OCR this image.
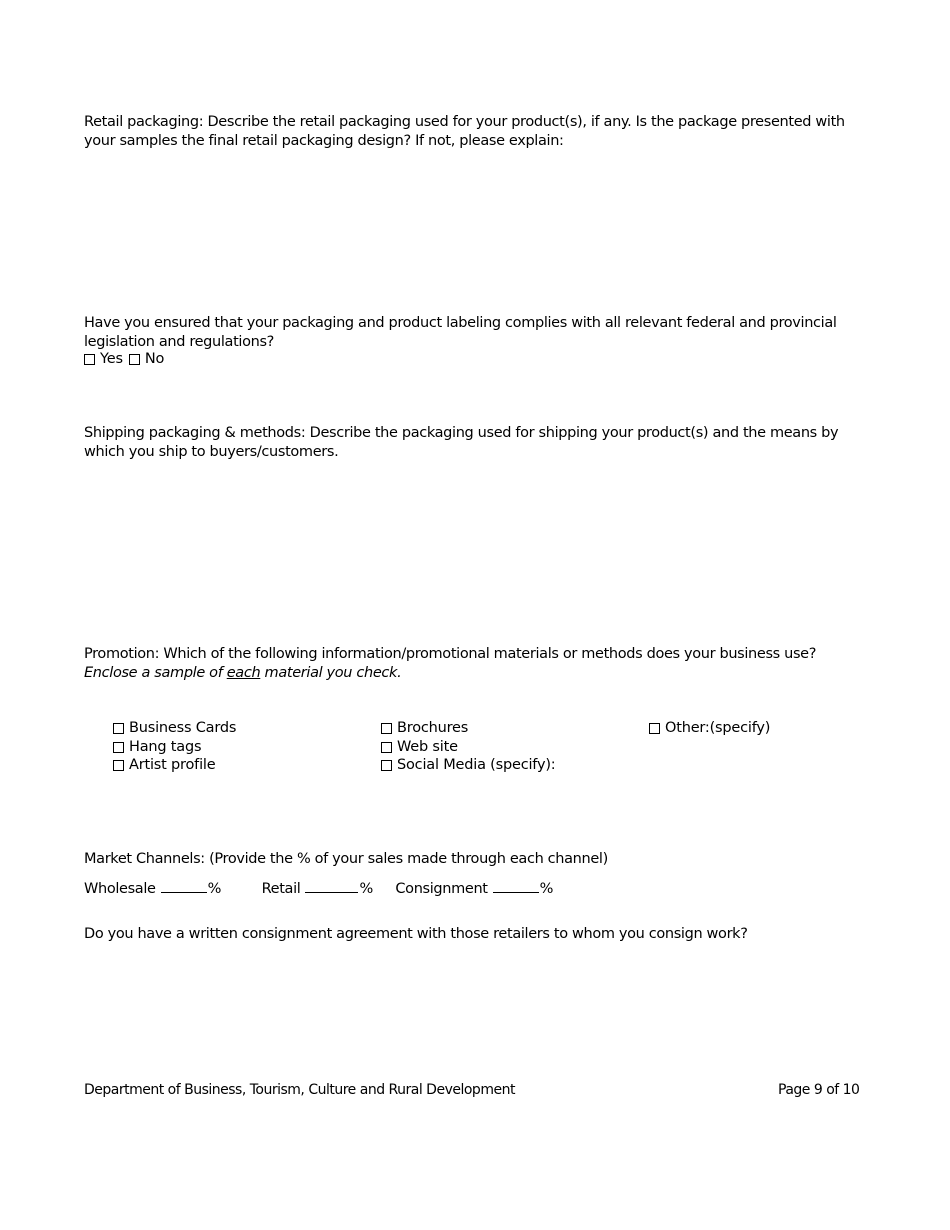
Retail packaging: Describe the retail packaging used for your product(s), if any. Is the package presented with your samples the final retail packaging design? If not, please explain:
Have you ensured that your packaging and product labeling complies with all relevant federal and provincial legislation and regulations?
Yes No
Shipping packaging & methods: Describe the packaging used for shipping your product(s) and the means by which you ship to buyers/customers.
Promotion: Which of the following information/promotional materials or methods does your business use?
Enclose a sample of each material you check.
Business Cards
Hang tags
Artist profile
Brochures
Web site
Social Media (specify):
Other:(specify)
Market Channels: (Provide the % of your sales made through each channel)
Wholesale	%	Retail	% Consignment	%
Do you have a written consignment agreement with those retailers to whom you consign work?
Department of Business, Tourism, Culture and Rural Development	Page 9 of 10
